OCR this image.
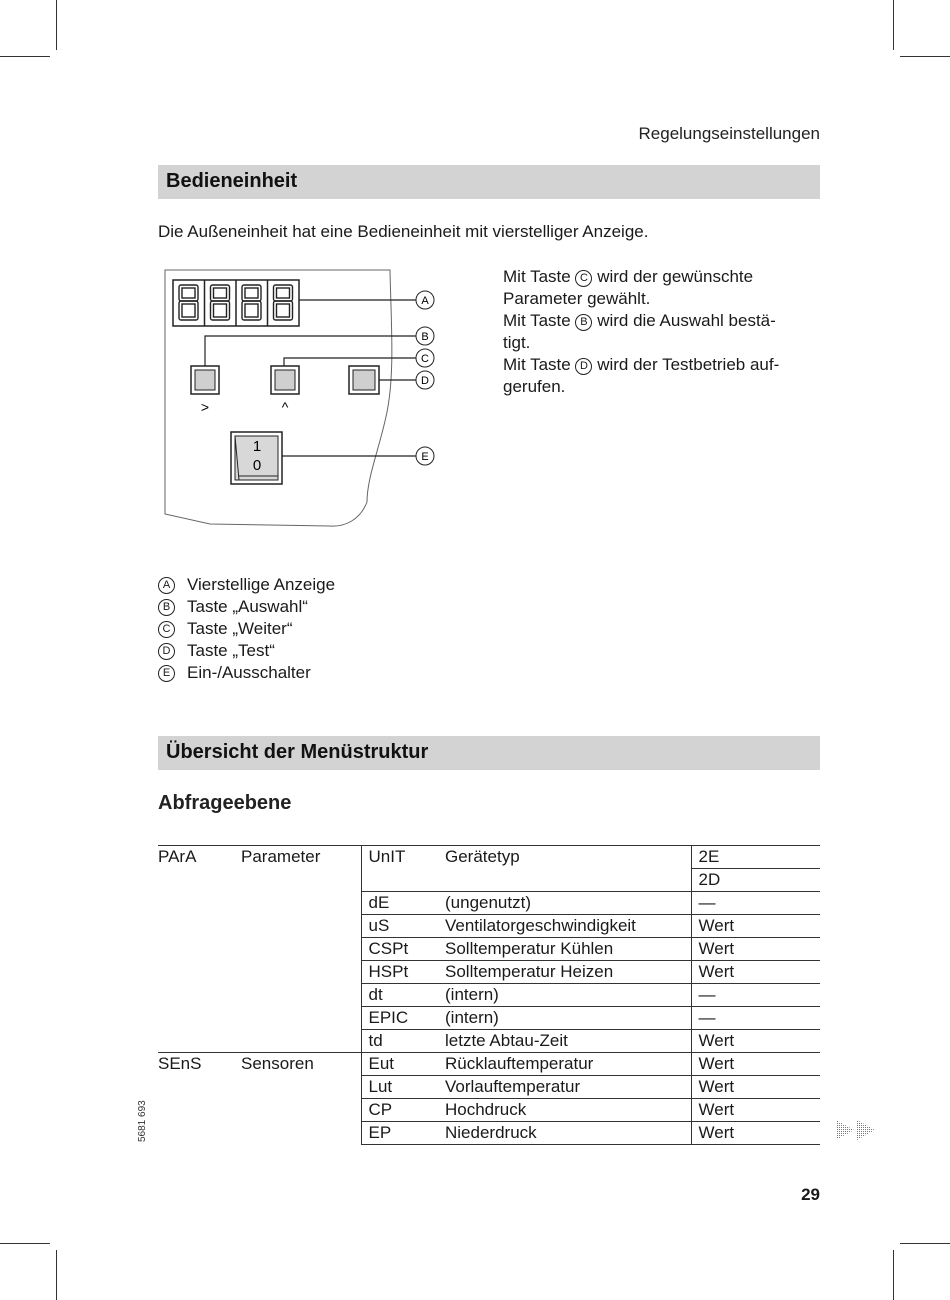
Regelungseinstellungen
Bedieneinheit
Die Außeneinheit hat eine Bedieneinheit mit vierstelliger Anzeige.
>	^
1
0
A
B
C
D
E
Mit Taste C wird der gewünschte
Parameter gewählt.
Mit Taste B wird die Auswahl bestä-
tigt.
Mit Taste D wird der Testbetrieb auf-
gerufen.
A Vierstellige Anzeige
B Taste „Auswahl“
C Taste „Weiter“
D Taste „Test“
E Ein-/Ausschalter
Übersicht der Menüstruktur
Abfrageebene
PArA	Parameter	UnIT	Gerätetyp	2E
				2D
		dE	(ungenutzt)	—
		uS	Ventilatorgeschwindigkeit	Wert
		CSPt	Solltemperatur Kühlen	Wert
		HSPt	Solltemperatur Heizen	Wert
		dt	(intern)	—
		EPIC	(intern)	—
		td	letzte Abtau-Zeit	Wert
SEnS	Sensoren	Eut	Rücklauftemperatur	Wert
		Lut	Vorlauftemperatur	Wert
		CP	Hochdruck	Wert
		EP	Niederdruck	Wert
5681 693
29
